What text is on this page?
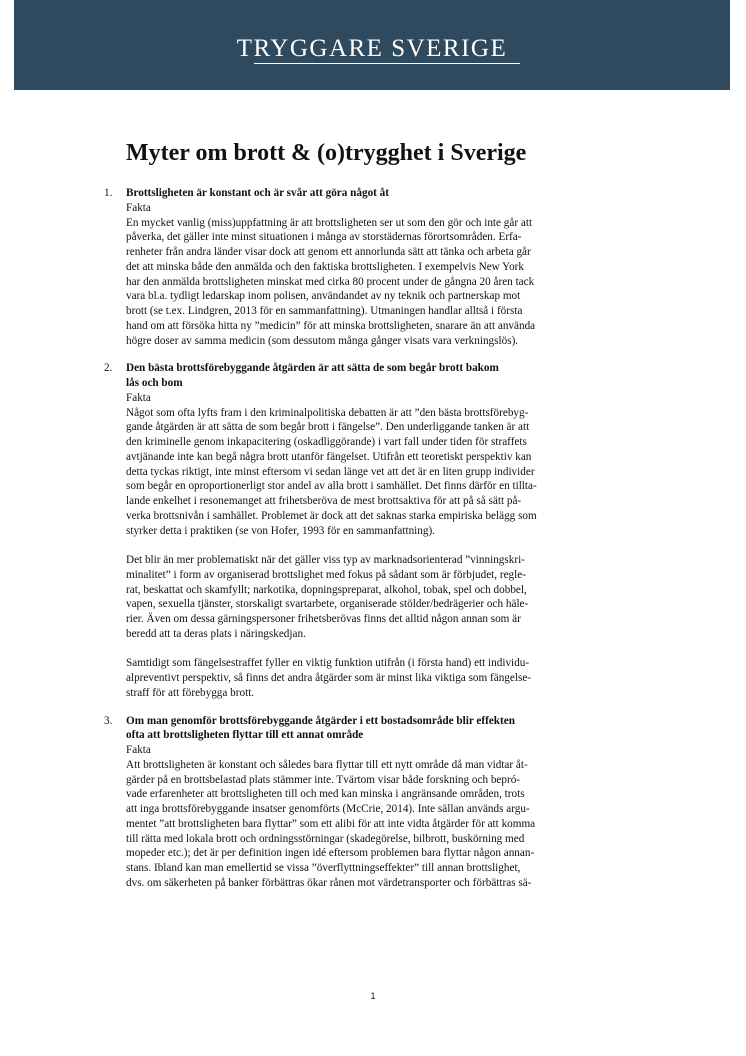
TRYGGARE SVERIGE
Myter om brott & (o)trygghet i Sverige
1. Brottsligheten är konstant och är svår att göra något åt
Fakta

En mycket vanlig (miss)uppfattning är att brottsligheten ser ut som den gör och inte går att
påverka, det gäller inte minst situationen i många av storstädernas förortsområden. Erfa-
renheter från andra länder visar dock att genom ett annorlunda sätt att tänka och arbeta går
det att minska både den anmälda och den faktiska brottsligheten. I exempelvis New York
har den anmälda brottsligheten minskat med cirka 80 procent under de gångna 20 åren tack
vara bl.a. tydligt ledarskap inom polisen, användandet av ny teknik och partnerskap mot
brott (se t.ex. Lindgren, 2013 för en sammanfattning). Utmaningen handlar alltså i första
hand om att försöka hitta ny ”medicin” för att minska brottsligheten, snarare än att använda
högre doser av samma medicin (som dessutom många gånger visats vara verkningslös).

2. Den bästa brottsförebyggande åtgärden är att sätta de som begår brott bakom
lås och bom
Fakta

Något som ofta lyfts fram i den kriminalpolitiska debatten är att ”den bästa brottsförebyg-
gande åtgärden är att sätta de som begår brott i fängelse”. Den underliggande tanken är att
den kriminelle genom inkapacitering (oskadliggörande) i vart fall under tiden för straffets
avtjänande inte kan begå några brott utanför fängelset. Utifrån ett teoretiskt perspektiv kan
detta tyckas riktigt, inte minst eftersom vi sedan länge vet att det är en liten grupp individer
som begår en oproportionerligt stor andel av alla brott i samhället. Det finns därför en tillta-
lande enkelhet i resonemanget att frihetsberöva de mest brottsaktiva för att på så sätt på-
verka brottsnivån i samhället. Problemet är dock att det saknas starka empiriska belägg som
styrker detta i praktiken (se von Hofer, 1993 för en sammanfattning).

Det blir än mer problematiskt när det gäller viss typ av marknadsorienterad ”vinningskri-
minalitet” i form av organiserad brottslighet med fokus på sådant som är förbjudet, regle-
rat, beskattat och skamfyllt; narkotika, dopningspreparat, alkohol, tobak, spel och dobbel,
vapen, sexuella tjänster, storskaligt svartarbete, organiserade stölder/bedrägerier och häle-
rier. Även om dessa gärningspersoner frihetsberövas finns det alltid någon annan som är
beredd att ta deras plats i näringskedjan.

Samtidigt som fängelsestraffet fyller en viktig funktion utifrån (i första hand) ett individu-
alpreventivt perspektiv, så finns det andra åtgärder som är minst lika viktiga som fängelse-
straff för att förebygga brott.

3. Om man genomför brottsförebyggande åtgärder i ett bostadsområde blir effekten
ofta att brottsligheten flyttar till ett annat område
Fakta

Att brottsligheten är konstant och således bara flyttar till ett nytt område då man vidtar åt-
gärder på en brottsbelastad plats stämmer inte. Tvärtom visar både forskning och bepró-
vade erfarenheter att brottsligheten till och med kan minska i angränsande områden, trots
att inga brottsförebyggande insatser genomförts (McCrie, 2014). Inte sällan används argu-
mentet ”att brottsligheten bara flyttar” som ett alibi för att inte vidta åtgärder för att komma
till rätta med lokala brott och ordningsstörningar (skadegörelse, bilbrott, buskörning med
mopeder etc.); det är per definition ingen idé eftersom problemen bara flyttar någon annan-
stans. Ibland kan man emellertid se vissa ”överflyttningseffekter” till annan brottslighet,
dvs. om säkerheten på banker förbättras ökar rånen mot värdetransporter och förbättras sä-

1
